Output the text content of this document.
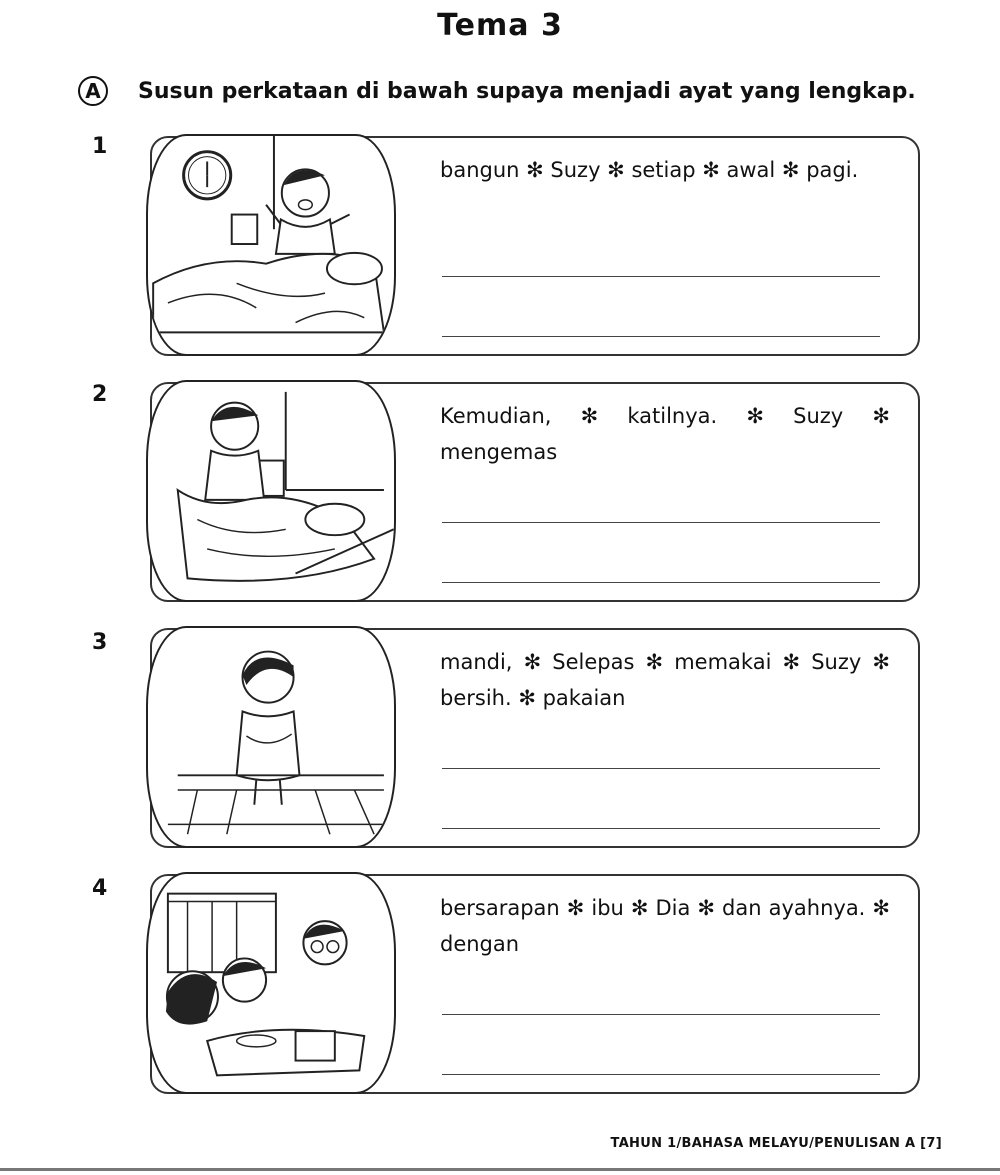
Tema 3
A	Susun perkataan di bawah supaya menjadi ayat yang lengkap.
1
bangun ✻ Suzy ✻ setiap ✻ awal ✻ pagi.
2
Kemudian, ✻ katilnya. ✻ Suzy ✻ mengemas
3
mandi, ✻ Selepas ✻ memakai ✻ Suzy ✻ bersih. ✻ pakaian
4
bersarapan ✻ ibu ✻ Dia ✻ dan ayahnya. ✻ dengan
TAHUN 1/BAHASA MELAYU/PENULISAN A [7]
